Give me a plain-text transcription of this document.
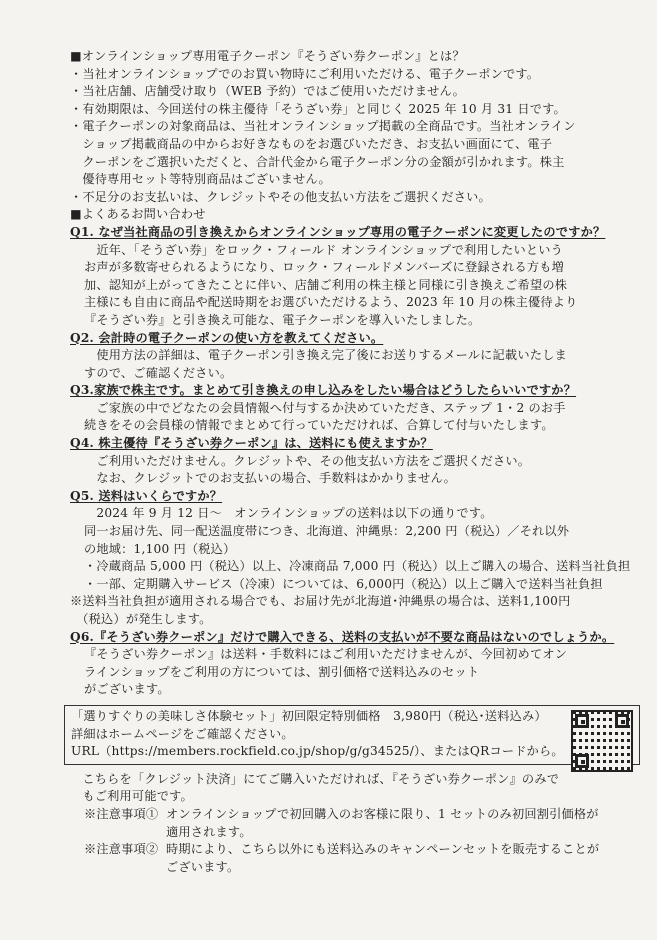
■オンラインショップ専用電子クーポン『そうざい券クーポン』とは？
・当社オンラインショップでのお買い物時にご利用いただける、電子クーポンです。
・当社店舗、店舗受け取り（WEB 予約）ではご使用いただけません。
・有効期限は、今回送付の株主優待「そうざい券」と同じく 2025 年 10 月 31 日です。
・電子クーポンの対象商品は、当社オンラインショップ掲載の全商品です。当社オンライン
　ショップ掲載商品の中からお好きなものをお選びいただき、お支払い画面にて、電子
　クーポンをご選択いただくと、合計代金から電子クーポン分の金額が引かれます。株主
　優待専用セット等特別商品はございません。
・不足分のお支払いは、クレジットやその他支払い方法をご選択ください。
■よくあるお問い合わせ
Q1. なぜ当社商品の引き換えからオンラインショップ専用の電子クーポンに変更したのですか？
　近年、「そうざい券」をロック・フィールド オンラインショップで利用したいという
お声が多数寄せられるようになり、ロック・フィールドメンバーズに登録される方も増
加、認知が上がってきたことに伴い、店舗ご利用の株主様と同様に引き換えご希望の株
主様にも自由に商品や配送時期をお選びいただけるよう、2023 年 10 月の株主優待より
『そうざい券』と引き換え可能な、電子クーポンを導入いたしました。
Q2. 会計時の電子クーポンの使い方を教えてください。
　使用方法の詳細は、電子クーポン引き換え完了後にお送りするメールに記載いたしま
すので、ご確認ください。
Q3.家族で株主です。まとめて引き換えの申し込みをしたい場合はどうしたらいいですか？
　ご家族の中でどなたの会員情報へ付与するか決めていただき、ステップ 1・2 のお手
続きをその会員様の情報でまとめて行っていただければ、合算して付与いたします。
Q4. 株主優待『そうざい券クーポン』は、送料にも使えますか？
　ご利用いただけません。クレジットや、その他支払い方法をご選択ください。
　なお、クレジットでのお支払いの場合、手数料はかかりません。
Q5. 送料はいくらですか？
　2024 年 9 月 12 日～　オンラインショップの送料は以下の通りです。
同一お届け先、同一配送温度帯につき、北海道、沖縄県：2,200 円（税込）／それ以外
の地域：1,100 円（税込）
・冷蔵商品 5,000 円（税込）以上、冷凍商品 7,000 円（税込）以上ご購入の場合、送料当社負担
・一部、定期購入サービス（冷凍）については、6,000円（税込）以上ご購入で送料当社負担
※送料当社負担が適用される場合でも、お届け先が北海道･沖縄県の場合は、送料1,100円
　（税込）が発生します。
Q6.『そうざい券クーポン』だけで購入できる、送料の支払いが不要な商品はないのでしょうか。
『そうざい券クーポン』は送料・手数料にはご利用いただけませんが、今回初めてオン
ラインショップをご利用の方については、割引価格で送料込みのセット
がございます。
「選りすぐりの美味しさ体験セット」初回限定特別価格　3,980円（税込･送料込み）
詳細はホームページをご確認ください。
URL（https://members.rockfield.co.jp/shop/g/g34525/）、またはQRコードから。
　こちらを「クレジット決済」にてご購入いただければ、『そうざい券クーポン』のみで
　もご利用可能です。
※注意事項① オンラインショップで初回購入のお客様に限り、1 セットのみ初回割引価格が適用されます。
※注意事項② 時期により、こちら以外にも送料込みのキャンペーンセットを販売することがございます。
